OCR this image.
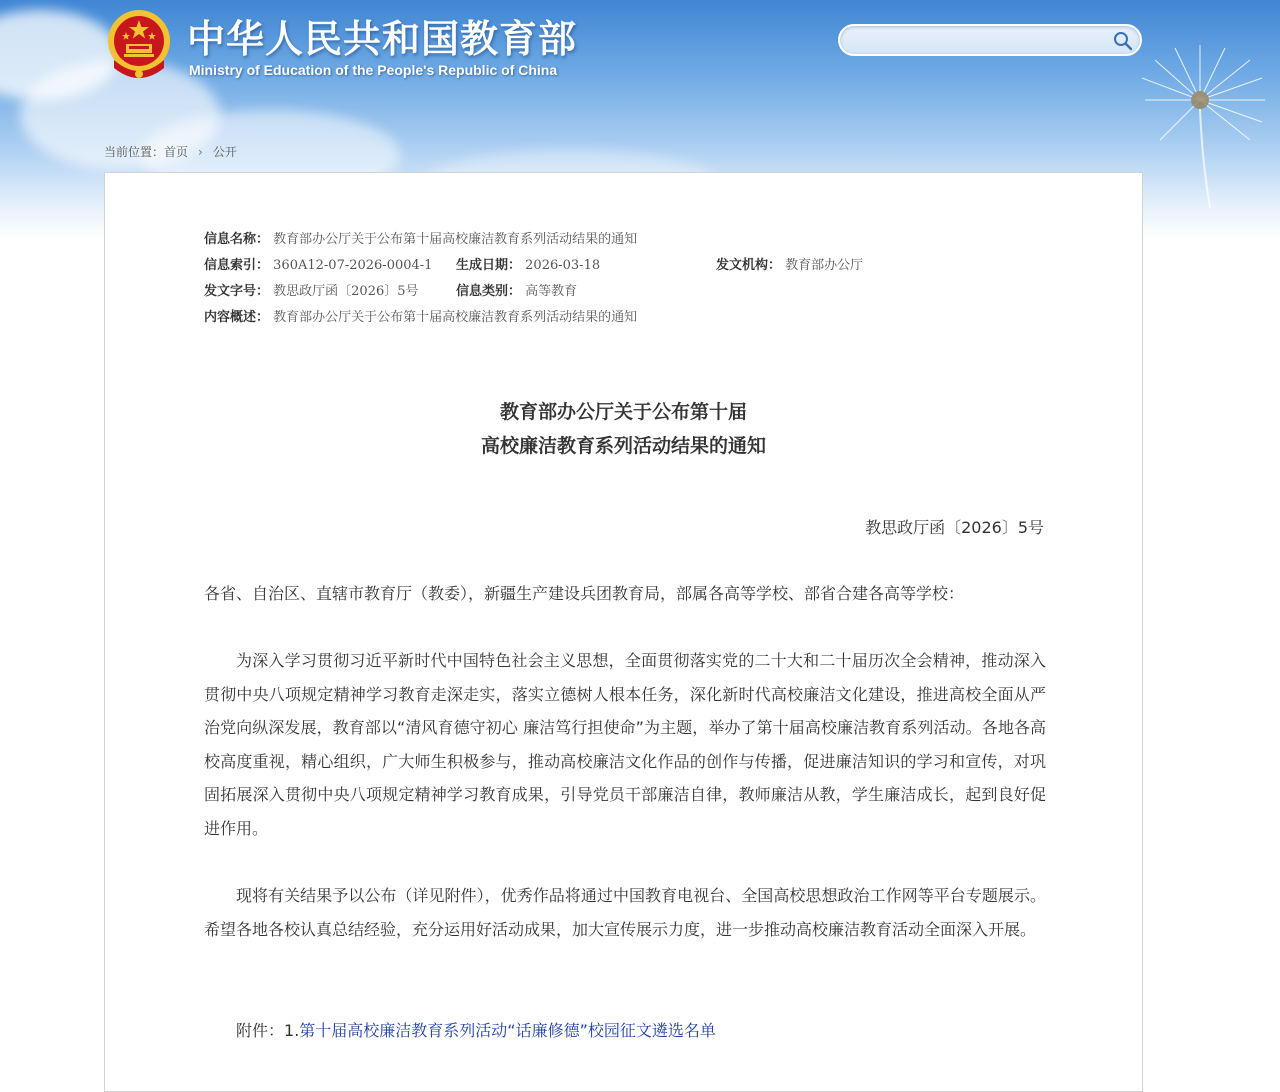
中华人民共和国教育部

Ministry of Education of the People's Republic of China

当前位置：首页 › 公开
信息名称： 教育部办公厅关于公布第十届高校廉洁教育系列活动结果的通知
信息索引： 360A12-07-2026-0004-1 生成日期： 2026-03-18	发文机构： 教育部办公厅
发文字号： 教思政厅函〔2026〕5号	信息类别： 高等教育
内容概述： 教育部办公厅关于公布第十届高校廉洁教育系列活动结果的通知
教育部办公厅关于公布第十届
高校廉洁教育系列活动结果的通知
教思政厅函〔2026〕5号

各省、自治区、直辖市教育厅（教委），新疆生产建设兵团教育局，部属各高等学校、部省合建各高等学校：

为深入学习贯彻习近平新时代中国特色社会主义思想，全面贯彻落实党的二十大和二十届历次全会精神，推动深入贯彻中央八项规定精神学习教育走深走实，落实立德树人根本任务，深化新时代高校廉洁文化建设，推进高校全面从严治党向纵深发展，教育部以“清风育德守初心 廉洁笃行担使命”为主题，举办了第十届高校廉洁教育系列活动。各地各高校高度重视，精心组织，广大师生积极参与，推动高校廉洁文化作品的创作与传播，促进廉洁知识的学习和宣传，对巩固拓展深入贯彻中央八项规定精神学习教育成果，引导党员干部廉洁自律，教师廉洁从教，学生廉洁成长，起到良好促进作用。

现将有关结果予以公布（详见附件），优秀作品将通过中国教育电视台、全国高校思想政治工作网等平台专题展示。希望各地各校认真总结经验，充分运用好活动成果，加大宣传展示力度，进一步推动高校廉洁教育活动全面深入开展。

附件：1.第十届高校廉洁教育系列活动“话廉修德”校园征文遴选名单
